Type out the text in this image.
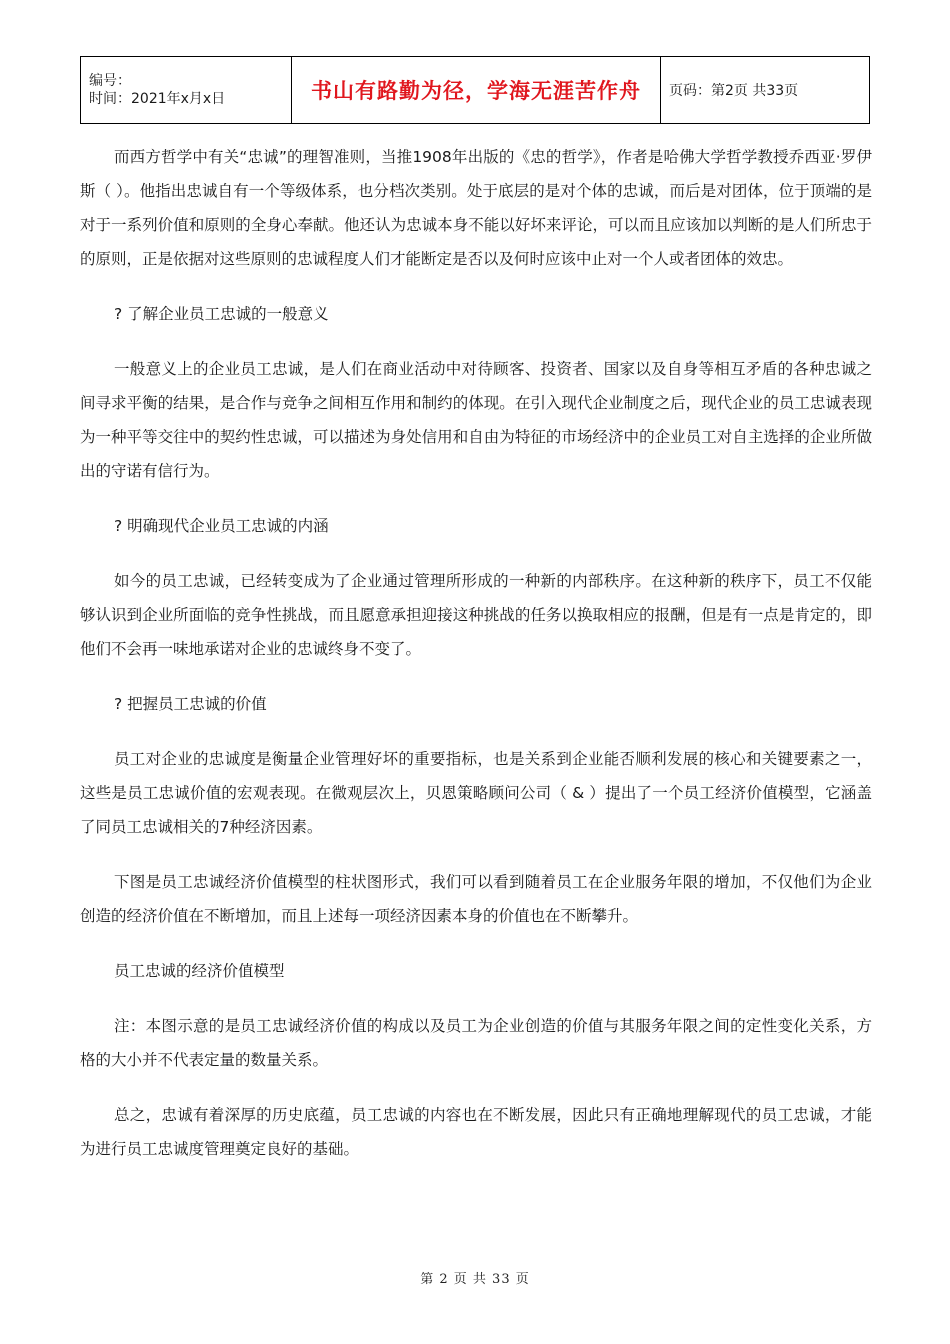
编号：
时间：2021年x月x日	书山有路勤为径，学海无涯苦作舟	页码：第2页 共33页

而西方哲学中有关“忠诚”的理智准则，当推1908年出版的《忠的哲学》，作者是哈佛大学哲学教授乔西亚·罗伊斯（ ）。他指出忠诚自有一个等级体系，也分档次类别。处于底层的是对个体的忠诚，而后是对团体，位于顶端的是对于一系列价值和原则的全身心奉献。他还认为忠诚本身不能以好坏来评论，可以而且应该加以判断的是人们所忠于的原则，正是依据对这些原则的忠诚程度人们才能断定是否以及何时应该中止对一个人或者团体的效忠。

? 了解企业员工忠诚的一般意义

一般意义上的企业员工忠诚，是人们在商业活动中对待顾客、投资者、国家以及自身等相互矛盾的各种忠诚之间寻求平衡的结果，是合作与竞争之间相互作用和制约的体现。在引入现代企业制度之后，现代企业的员工忠诚表现为一种平等交往中的契约性忠诚，可以描述为身处信用和自由为特征的市场经济中的企业员工对自主选择的企业所做出的守诺有信行为。

? 明确现代企业员工忠诚的内涵

如今的员工忠诚，已经转变成为了企业通过管理所形成的一种新的内部秩序。在这种新的秩序下，员工不仅能够认识到企业所面临的竞争性挑战，而且愿意承担迎接这种挑战的任务以换取相应的报酬，但是有一点是肯定的，即他们不会再一味地承诺对企业的忠诚终身不变了。

? 把握员工忠诚的价值

员工对企业的忠诚度是衡量企业管理好坏的重要指标，也是关系到企业能否顺利发展的核心和关键要素之一，这些是员工忠诚价值的宏观表现。在微观层次上，贝恩策略顾问公司（ & ）提出了一个员工经济价值模型，它涵盖了同员工忠诚相关的7种经济因素。

下图是员工忠诚经济价值模型的柱状图形式，我们可以看到随着员工在企业服务年限的增加，不仅他们为企业创造的经济价值在不断增加，而且上述每一项经济因素本身的价值也在不断攀升。

员工忠诚的经济价值模型

注：本图示意的是员工忠诚经济价值的构成以及员工为企业创造的价值与其服务年限之间的定性变化关系，方格的大小并不代表定量的数量关系。

总之，忠诚有着深厚的历史底蕴，员工忠诚的内容也在不断发展，因此只有正确地理解现代的员工忠诚，才能为进行员工忠诚度管理奠定良好的基础。

第 2 页 共 33 页
